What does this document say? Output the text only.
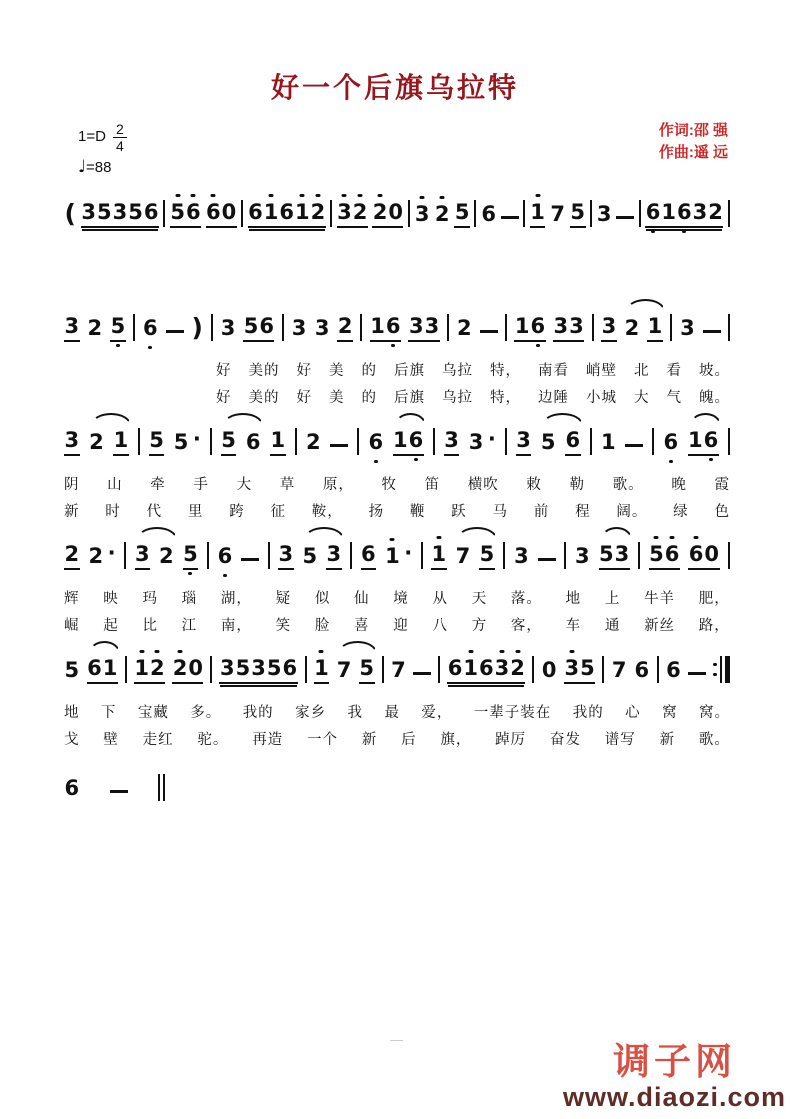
好一个后旗乌拉特
$1=D \frac{2}{4}$
♩=88
作词:邵 强
作曲:遥 远
( 3 5 3 5 6 5 6 6 0 6 1 6 1 2 3 2 2 0 3 2 5 6 1 7 5 3 6 1 6 3 2
3 2 5 6 ) 3 5 6 3 3 2 1 6 3 3 2 1 6 3 3 3 2 1 3
好 美的 好 美 的 后旗 乌拉 特， 南看 峭壁 北 看 坡。
好 美的 好 美 的 后旗 乌拉 特， 边陲 小城 大 气 魄。
3 2 1 5 5 · 5 6 1 2 6 1 6 3 3 · 3 5 6 1 6 1 6
阴 山 牵 手 大 草 原， 牧 笛 横吹 敕 勒 歌。 晚 霞
新 时 代 里 跨 征 鞍， 扬 鞭 跃 马 前 程 阔。 绿 色
2 2 · 3 2 5 6 3 5 3 6 1 · 1 7 5 3 3 5 3 5 6 6 0
辉 映 玛 瑙 湖， 疑 似 仙 境 从 天 落。 地 上 牛羊 肥，
崛 起 比 江 南， 笑 脸 喜 迎 八 方 客， 车 通 新丝 路，
5 6 1 1 2 2 0 3 5 3 5 6 1 7 5 7 6 1 6 3 2 0 3 5 7 6 6
地 下 宝藏 多。 我的 家乡 我 最 爱， 一辈子装在 我的 心 窝 窝。
戈 壁 走红 驼。 再造 一个 新 后 旗， 踔厉 奋发 谱写 新 歌。
6
—
调子网
www.diaozi.com
